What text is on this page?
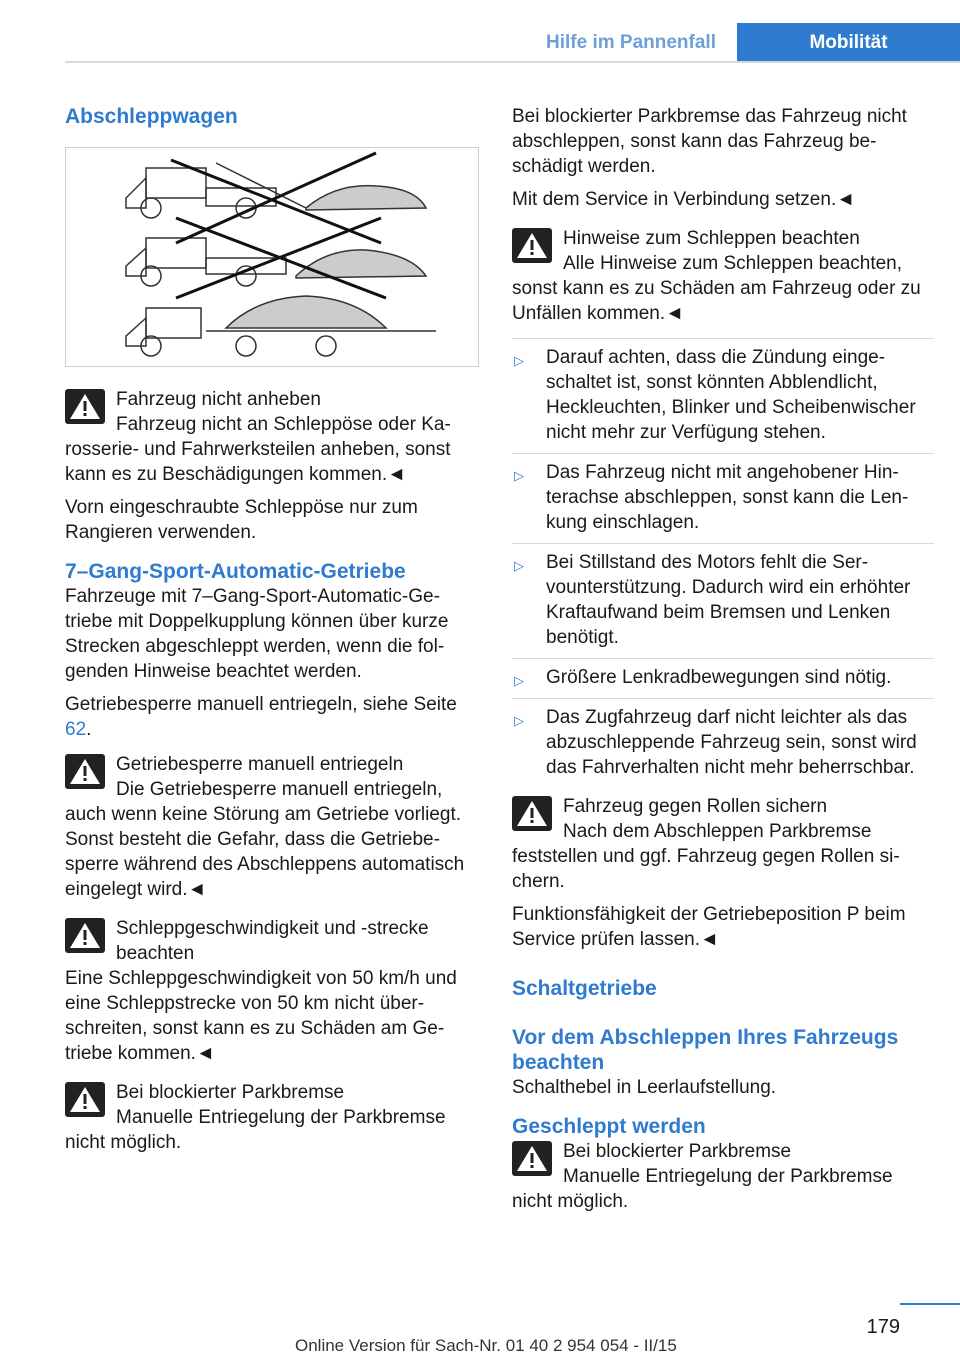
Hilfe im Pannenfall	Mobilität
Abschleppwagen
Fahrzeug nicht anheben
Fahrzeug nicht an Schleppöse oder Karosserie- und Fahrwerksteilen anheben, sonst kann es zu Beschädigungen kommen.◄

Vorn eingeschraubte Schleppöse nur zum Rangieren verwenden.

7–Gang-Sport-Automatic-Getriebe

Fahrzeuge mit 7–Gang-Sport-Automatic-Getriebe mit Doppelkupplung können über kurze Strecken abgeschleppt werden, wenn die folgenden Hinweise beachtet werden.

Getriebesperre manuell entriegeln, siehe Seite 62.

Getriebesperre manuell entriegeln
Die Getriebesperre manuell entriegeln, auch wenn keine Störung am Getriebe vorliegt. Sonst besteht die Gefahr, dass die Getriebesperre während des Abschleppens automatisch eingelegt wird.◄
Schleppgeschwindigkeit und -strecke beachten
Eine Schleppgeschwindigkeit von 50 km/h und eine Schleppstrecke von 50 km nicht überschreiten, sonst kann es zu Schäden am Getriebe kommen.◄
Bei blockierter Parkbremse
Manuelle Entriegelung der Parkbremse nicht möglich.

Bei blockierter Parkbremse das Fahrzeug nicht abschleppen, sonst kann das Fahrzeug beschädigt werden.

Mit dem Service in Verbindung setzen.◄

Hinweise zum Schleppen beachten
Alle Hinweise zum Schleppen beachten, sonst kann es zu Schäden am Fahrzeug oder zu Unfällen kommen.◄
▷ Darauf achten, dass die Zündung eingeschaltet ist, sonst könnten Abblendlicht, Heckleuchten, Blinker und Scheibenwischer nicht mehr zur Verfügung stehen.
▷ Das Fahrzeug nicht mit angehobener Hinterachse abschleppen, sonst kann die Lenkung einschlagen.
▷ Bei Stillstand des Motors fehlt die Servounterstützung. Dadurch wird ein erhöhter Kraftaufwand beim Bremsen und Lenken benötigt.
▷ Größere Lenkradbewegungen sind nötig.
▷ Das Zugfahrzeug darf nicht leichter als das abzuschleppende Fahrzeug sein, sonst wird das Fahrverhalten nicht mehr beherrschbar.
Fahrzeug gegen Rollen sichern
Nach dem Abschleppen Parkbremse feststellen und ggf. Fahrzeug gegen Rollen sichern.

Funktionsfähigkeit der Getriebeposition P beim Service prüfen lassen.◄

Schaltgetriebe
Vor dem Abschleppen Ihres Fahrzeugs beachten

Schalthebel in Leerlaufstellung.

Geschleppt werden
Bei blockierter Parkbremse
Manuelle Entriegelung der Parkbremse nicht möglich.
179
Online Version für Sach-Nr. 01 40 2 954 054 - II/15
